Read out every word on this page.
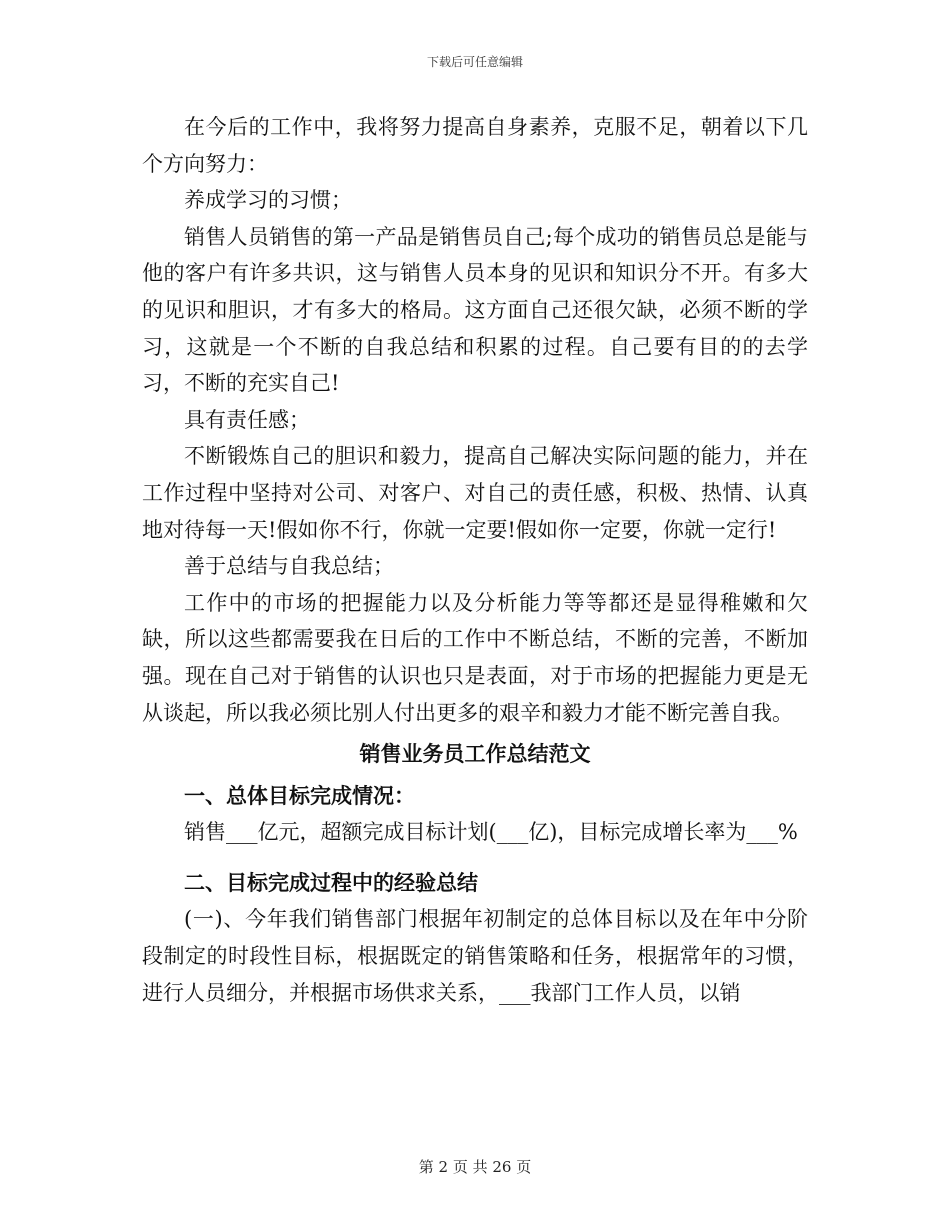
下载后可任意编辑

在今后的工作中，我将努力提高自身素养，克服不足，朝着以下几个方向努力：

养成学习的习惯；

销售人员销售的第一产品是销售员自己;每个成功的销售员总是能与他的客户有许多共识，这与销售人员本身的见识和知识分不开。有多大的见识和胆识，才有多大的格局。这方面自己还很欠缺，必须不断的学习，这就是一个不断的自我总结和积累的过程。自己要有目的的去学习，不断的充实自己!

具有责任感；

不断锻炼自己的胆识和毅力，提高自己解决实际问题的能力，并在工作过程中坚持对公司、对客户、对自己的责任感，积极、热情、认真地对待每一天!假如你不行，你就一定要!假如你一定要，你就一定行!

善于总结与自我总结；

工作中的市场的把握能力以及分析能力等等都还是显得稚嫩和欠缺，所以这些都需要我在日后的工作中不断总结，不断的完善，不断加强。现在自己对于销售的认识也只是表面，对于市场的把握能力更是无从谈起，所以我必须比别人付出更多的艰辛和毅力才能不断完善自我。

销售业务员工作总结范文

一、总体目标完成情况：

销售___亿元，超额完成目标计划(___亿)，目标完成增长率为___%

二、目标完成过程中的经验总结

(一)、今年我们销售部门根据年初制定的总体目标以及在年中分阶段制定的时段性目标，根据既定的销售策略和任务，根据常年的习惯，进行人员细分，并根据市场供求关系，___我部门工作人员，以销

第 2 页 共 26 页
